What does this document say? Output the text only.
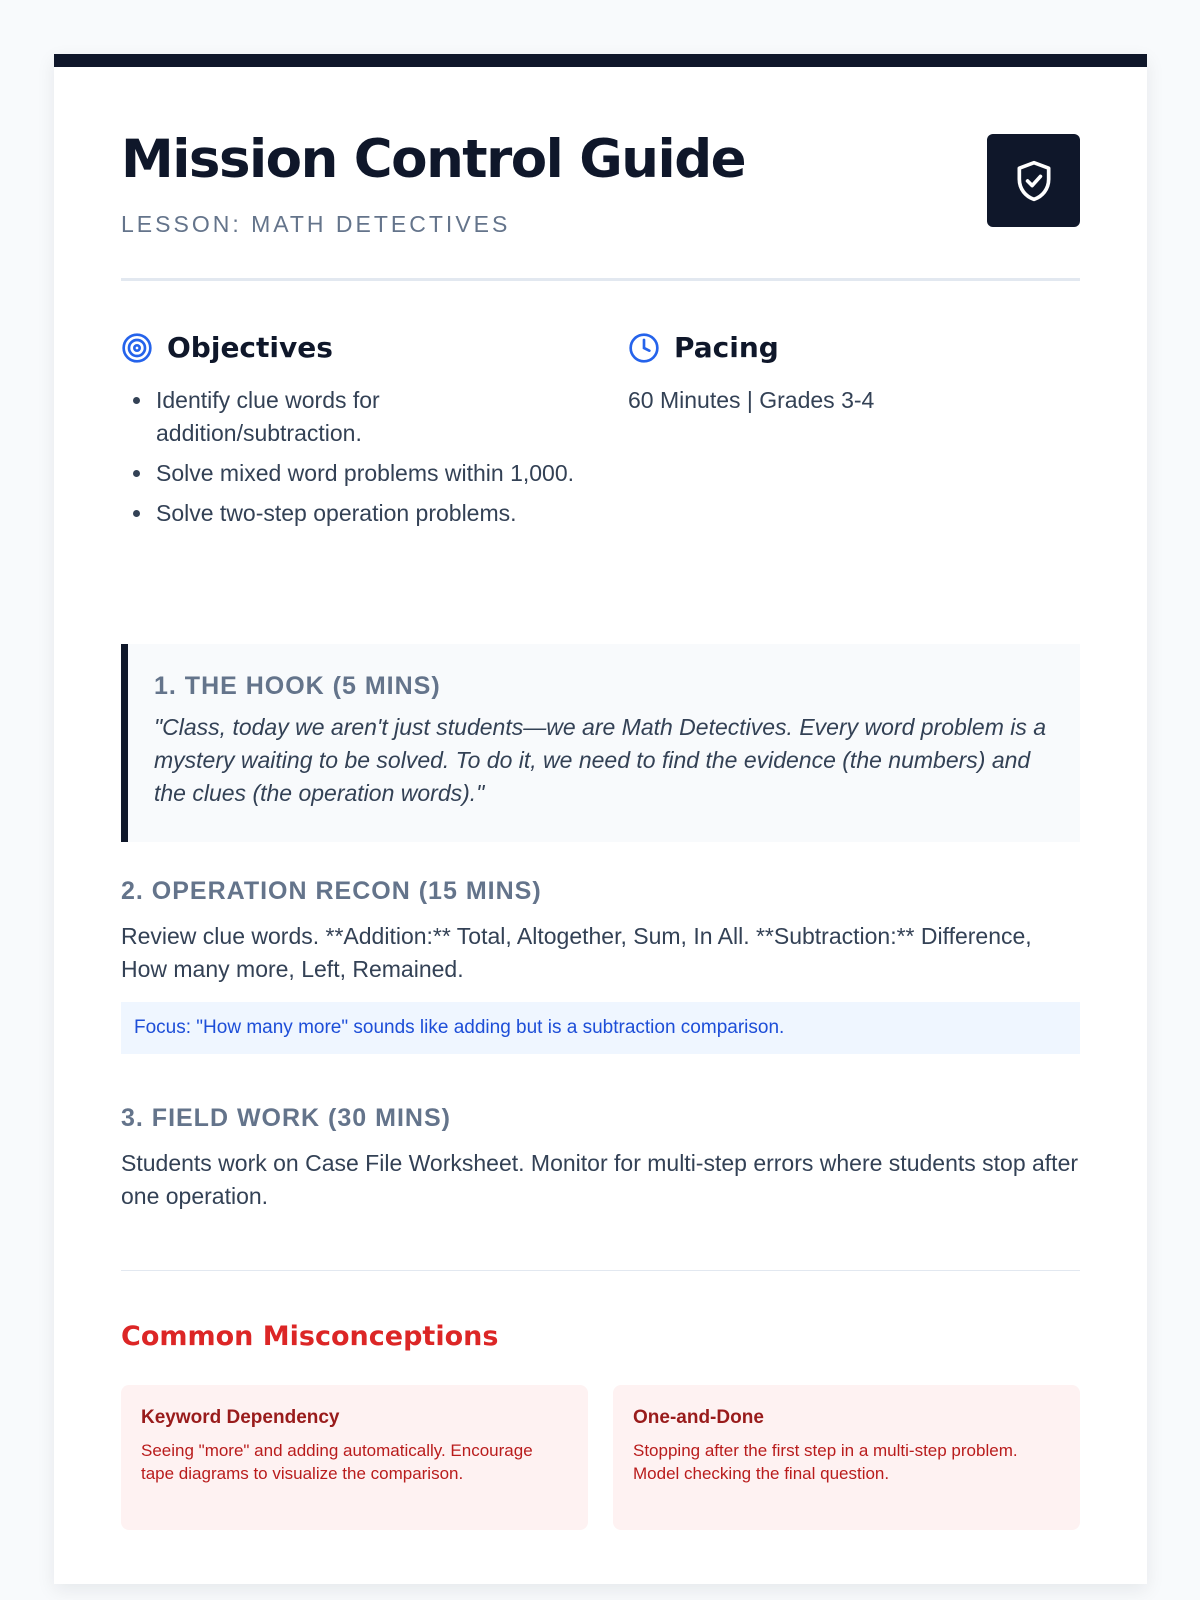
Mission Control Guide
LESSON: MATH DETECTIVES
Objectives
• Identify clue words for addition/subtraction.
• Solve mixed word problems within 1,000.
• Solve two-step operation problems.
Pacing
60 Minutes | Grades 3-4
1. THE HOOK (5 MINS)
"Class, today we aren't just students—we are Math Detectives. Every word problem is a mystery waiting to be solved. To do it, we need to find the evidence (the numbers) and the clues (the operation words)."
2. OPERATION RECON (15 MINS)
Review clue words. **Addition:** Total, Altogether, Sum, In All. **Subtraction:** Difference, How many more, Left, Remained.
Focus: "How many more" sounds like adding but is a subtraction comparison.
3. FIELD WORK (30 MINS)
Students work on Case File Worksheet. Monitor for multi-step errors where students stop after one operation.
Common Misconceptions
Keyword Dependency
Seeing "more" and adding automatically. Encourage tape diagrams to visualize the comparison.
One-and-Done
Stopping after the first step in a multi-step problem. Model checking the final question.
